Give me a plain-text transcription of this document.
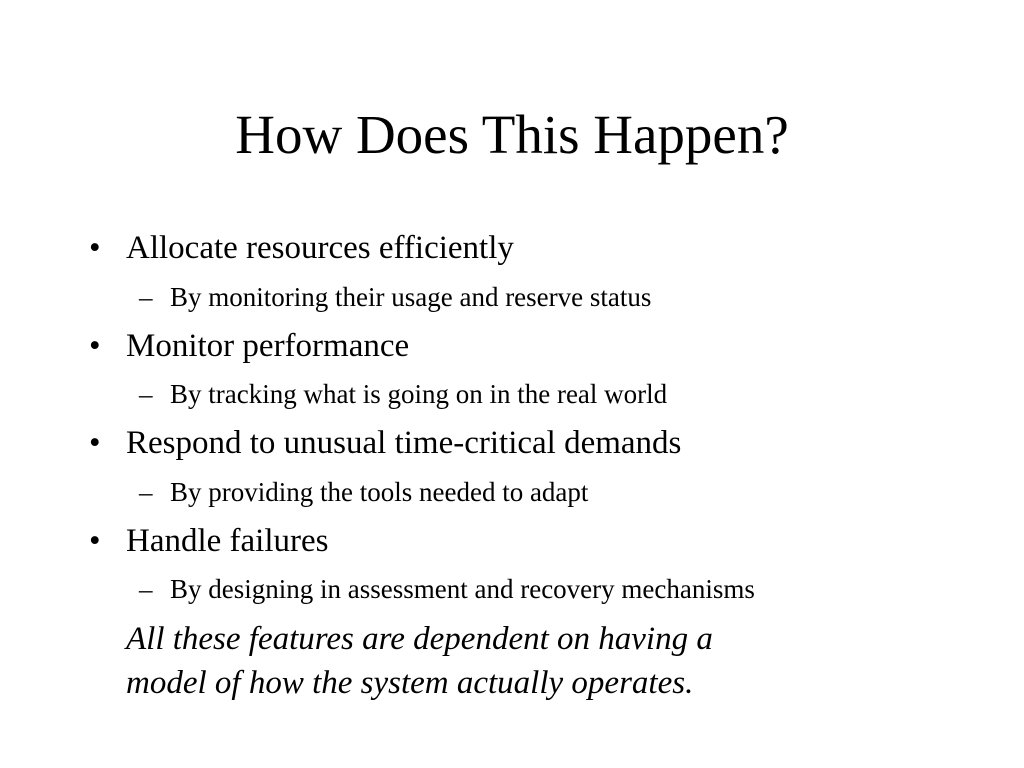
How Does This Happen?
• Allocate resources efficiently
– By monitoring their usage and reserve status
• Monitor performance
– By tracking what is going on in the real world
• Respond to unusual time-critical demands
– By providing the tools needed to adapt
• Handle failures
– By designing in assessment and recovery mechanisms
All these features are dependent on having a
model of how the system actually operates.
